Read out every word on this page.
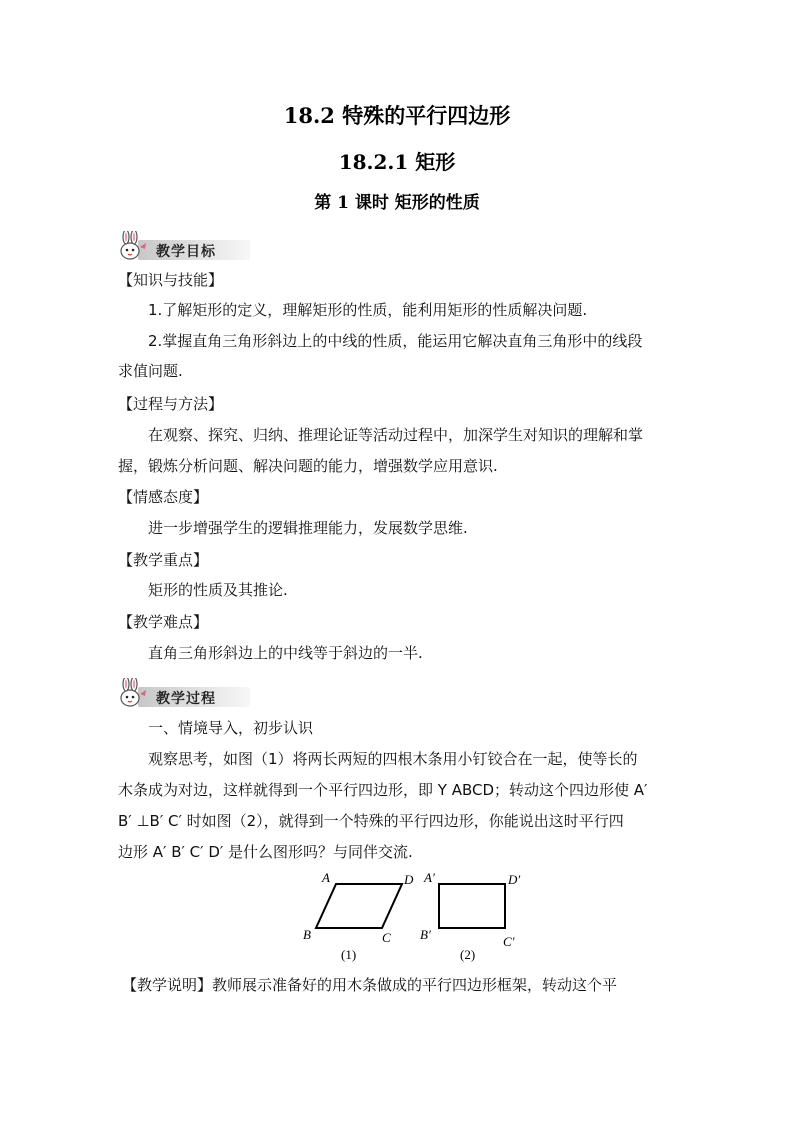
18.2 特殊的平行四边形
18.2.1 矩形
第 1 课时 矩形的性质
教学目标
【知识与技能】
1.了解矩形的定义，理解矩形的性质，能利用矩形的性质解决问题.
2.掌握直角三角形斜边上的中线的性质，能运用它解决直角三角形中的线段
求值问题.
【过程与方法】
在观察、探究、归纳、推理论证等活动过程中，加深学生对知识的理解和掌
握，锻炼分析问题、解决问题的能力，增强数学应用意识.
【情感态度】
进一步增强学生的逻辑推理能力，发展数学思维.
【教学重点】
矩形的性质及其推论.
【教学难点】
直角三角形斜边上的中线等于斜边的一半.
教学过程
一、情境导入，初步认识
观察思考，如图（1）将两长两短的四根木条用小钉铰合在一起，使等长的
木条成为对边，这样就得到一个平行四边形，即 Y ABCD；转动这个四边形使 A′
B′ ⊥B′ C′ 时如图（2），就得到一个特殊的平行四边形，你能说出这时平行四
边形 A′ B′ C′ D′ 是什么图形吗？与同伴交流.
A	D
B	C
(1)
A′	D′
B′	C′
(2)
【教学说明】教师展示准备好的用木条做成的平行四边形框架，转动这个平
